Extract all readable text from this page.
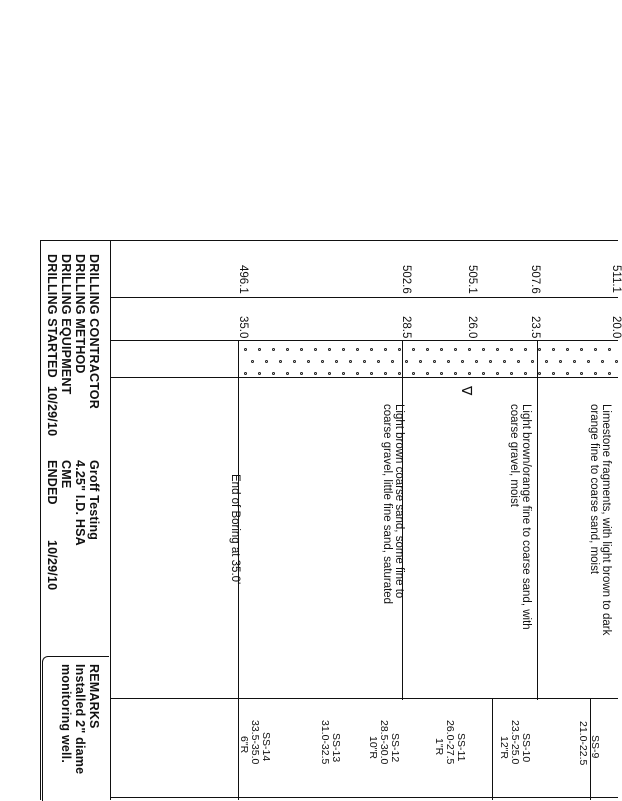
511.1
507.6
505.1
502.6
496.1
20.0
23.5
26.0
28.5
35.0
∇
Limestone fragments, with light brown to dark
orange fine to coarse sand, moist
Light brown/orange fine to coarse sand, with
coarse gravel, moist
Light brown coarse sand, some fine to
coarse gravel, little fine sand, saturated
End of Boring at 35.0'
SS-9
21.0-22.5
SS-10
23.5-25.0
12"R
SS-11
26.0-27.5
1"R
SS-12
28.5-30.0
10"R
SS-13
31.0-32.5
SS-14
33.5-35.0
6"R
DRILLING CONTRACTOR
Groff Testing
DRILLING METHOD
4.25" I.D. HSA
DRILLING EQUIPMENT
CME
DRILLING STARTED
10/29/10
ENDED
10/29/10
REMARKS
Installed 2" diame
monitoring well.
